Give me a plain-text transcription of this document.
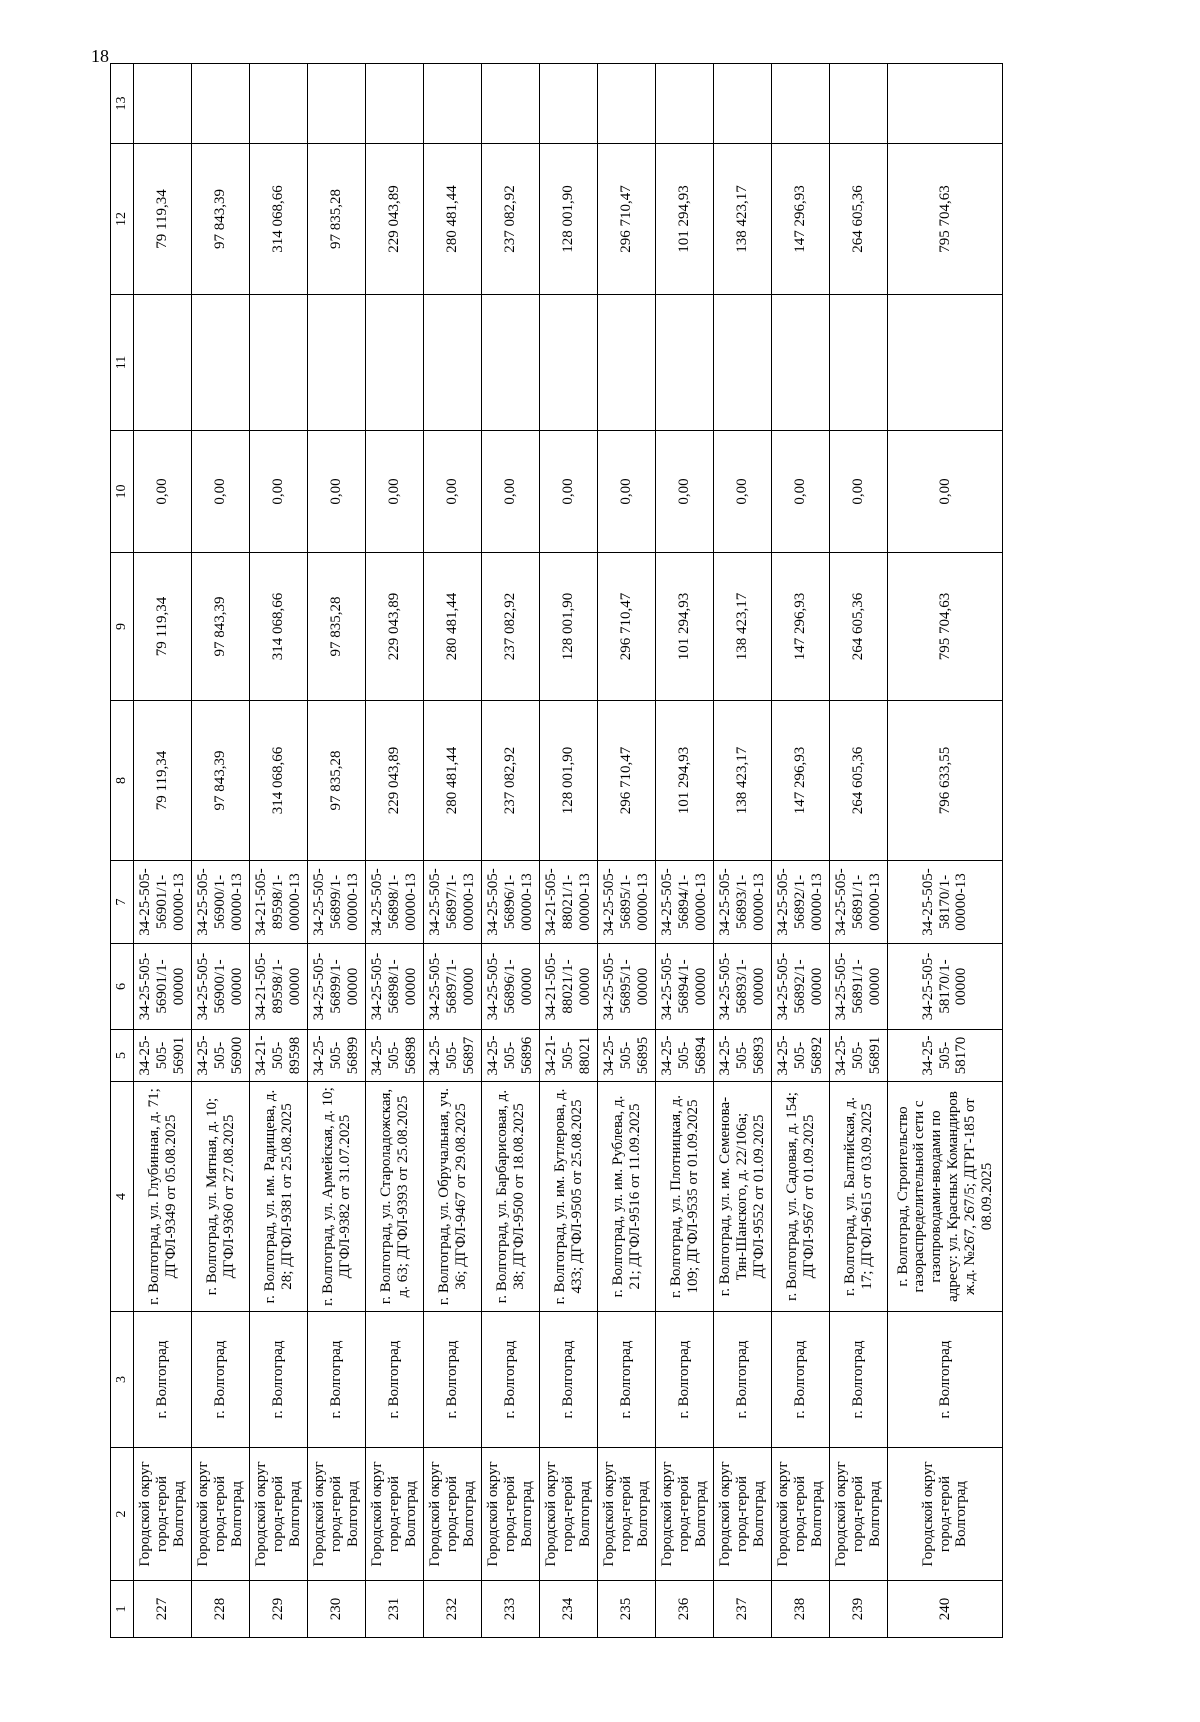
18
1	2	3	4	5	6	7	8	9	10	11	12	13
227	Городской округ город-герой Волгоград	г. Волгоград	г. Волгоград, ул. Глубинная, д. 71; ДГФЛ-9349 от 05.08.2025	34-25-505-56901	34-25-505-56901/1-00000	34-25-505-56901/1-00000-13	79 119,34	79 119,34	0,00		79 119,34	
228	Городской округ город-герой Волгоград	г. Волгоград	г. Волгоград, ул. Мятная, д. 10; ДГФЛ-9360 от 27.08.2025	34-25-505-56900	34-25-505-56900/1-00000	34-25-505-56900/1-00000-13	97 843,39	97 843,39	0,00		97 843,39	
229	Городской округ город-герой Волгоград	г. Волгоград	г. Волгоград, ул. им. Радищева, д. 28; ДГФЛ-9381 от 25.08.2025	34-21-505-89598	34-21-505-89598/1-00000	34-21-505-89598/1-00000-13	314 068,66	314 068,66	0,00		314 068,66	
230	Городской округ город-герой Волгоград	г. Волгоград	г. Волгоград, ул. Армейская, д. 10; ДГФЛ-9382 от 31.07.2025	34-25-505-56899	34-25-505-56899/1-00000	34-25-505-56899/1-00000-13	97 835,28	97 835,28	0,00		97 835,28	
231	Городской округ город-герой Волгоград	г. Волгоград	г. Волгоград, ул. Староладожская, д. 63; ДГФЛ-9393 от 25.08.2025	34-25-505-56898	34-25-505-56898/1-00000	34-25-505-56898/1-00000-13	229 043,89	229 043,89	0,00		229 043,89	
232	Городской округ город-герой Волгоград	г. Волгоград	г. Волгоград, ул. Обручальная, уч. 36; ДГФЛ-9467 от 29.08.2025	34-25-505-56897	34-25-505-56897/1-00000	34-25-505-56897/1-00000-13	280 481,44	280 481,44	0,00		280 481,44	
233	Городской округ город-герой Волгоград	г. Волгоград	г. Волгоград, ул. Барбарисовая, д. 38; ДГФЛ-9500 от 18.08.2025	34-25-505-56896	34-25-505-56896/1-00000	34-25-505-56896/1-00000-13	237 082,92	237 082,92	0,00		237 082,92	
234	Городской округ город-герой Волгоград	г. Волгоград	г. Волгоград, ул. им. Бутлерова, д. 433; ДГФЛ-9505 от 25.08.2025	34-21-505-88021	34-21-505-88021/1-00000	34-21-505-88021/1-00000-13	128 001,90	128 001,90	0,00		128 001,90	
235	Городской округ город-герой Волгоград	г. Волгоград	г. Волгоград, ул. им. Рублева, д. 21; ДГФЛ-9516 от 11.09.2025	34-25-505-56895	34-25-505-56895/1-00000	34-25-505-56895/1-00000-13	296 710,47	296 710,47	0,00		296 710,47	
236	Городской округ город-герой Волгоград	г. Волгоград	г. Волгоград, ул. Плотницкая, д. 109; ДГФЛ-9535 от 01.09.2025	34-25-505-56894	34-25-505-56894/1-00000	34-25-505-56894/1-00000-13	101 294,93	101 294,93	0,00		101 294,93	
237	Городской округ город-герой Волгоград	г. Волгоград	г. Волгоград, ул. им. Семенова-Тян-Шанского, д. 22/106а; ДГФЛ-9552 от 01.09.2025	34-25-505-56893	34-25-505-56893/1-00000	34-25-505-56893/1-00000-13	138 423,17	138 423,17	0,00		138 423,17	
238	Городской округ город-герой Волгоград	г. Волгоград	г. Волгоград, ул. Садовая, д. 154; ДГФЛ-9567 от 01.09.2025	34-25-505-56892	34-25-505-56892/1-00000	34-25-505-56892/1-00000-13	147 296,93	147 296,93	0,00		147 296,93	
239	Городской округ город-герой Волгоград	г. Волгоград	г. Волгоград, ул. Балтийская, д. 17; ДГФЛ-9615 от 03.09.2025	34-25-505-56891	34-25-505-56891/1-00000	34-25-505-56891/1-00000-13	264 605,36	264 605,36	0,00		264 605,36	
240	Городской округ город-герой Волгоград	г. Волгоград	г. Волгоград, Строительство газораспределительной сети с газопроводами-вводами по адресу: ул. Красных Командиров ж.д. №267, 267/5; ДГРГ-185 от 08.09.2025	34-25-505-58170	34-25-505-58170/1-00000	34-25-505-58170/1-00000-13	796 633,55	795 704,63	0,00		795 704,63	
